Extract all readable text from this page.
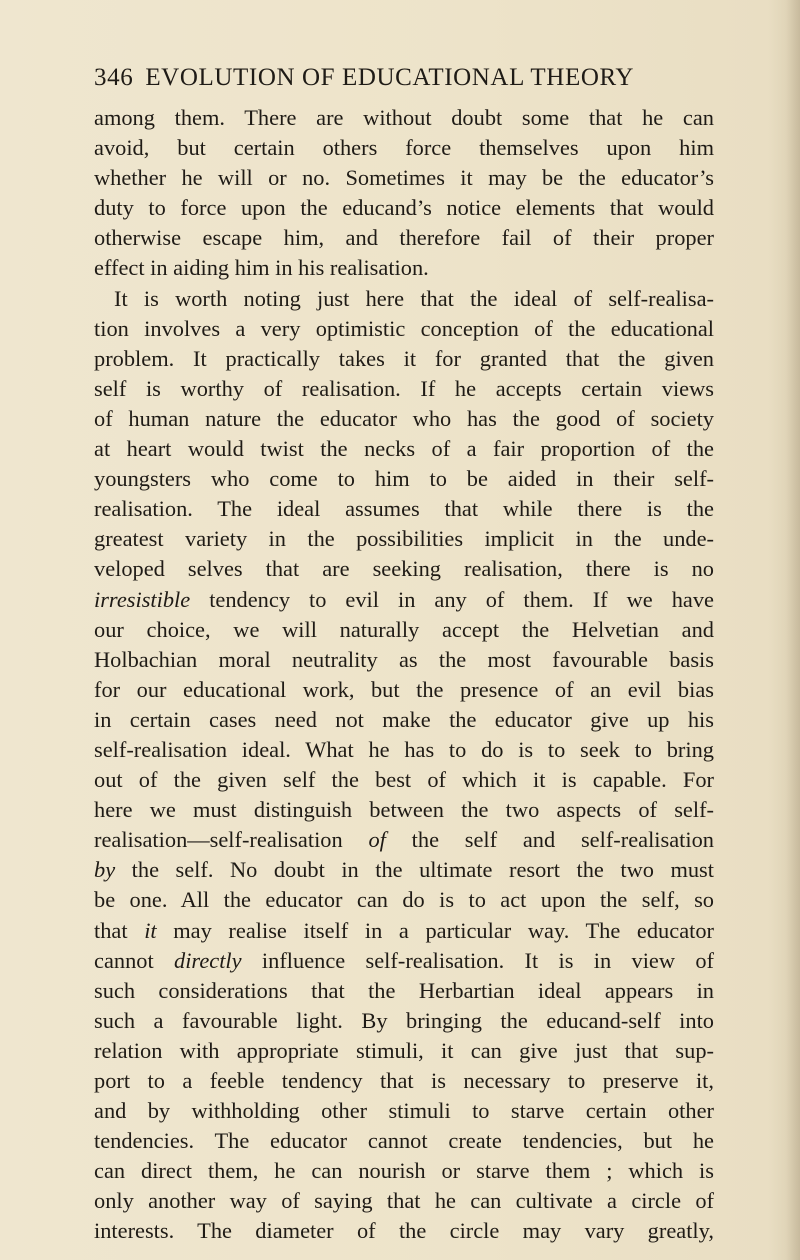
346 EVOLUTION OF EDUCATIONAL THEORY
among them. There are without doubt some that he can
avoid, but certain others force themselves upon him
whether he will or no. Sometimes it may be the educator’s
duty to force upon the educand’s notice elements that would
otherwise escape him, and therefore fail of their proper
effect in aiding him in his realisation.
It is worth noting just here that the ideal of self-realisa-
tion involves a very optimistic conception of the educational
problem. It practically takes it for granted that the given
self is worthy of realisation. If he accepts certain views
of human nature the educator who has the good of society
at heart would twist the necks of a fair proportion of the
youngsters who come to him to be aided in their self-
realisation. The ideal assumes that while there is the
greatest variety in the possibilities implicit in the unde-
veloped selves that are seeking realisation, there is no
irresistible tendency to evil in any of them. If we have
our choice, we will naturally accept the Helvetian and
Holbachian moral neutrality as the most favourable basis
for our educational work, but the presence of an evil bias
in certain cases need not make the educator give up his
self-realisation ideal. What he has to do is to seek to bring
out of the given self the best of which it is capable. For
here we must distinguish between the two aspects of self-
realisation—self-realisation of the self and self-realisation
by the self. No doubt in the ultimate resort the two must
be one. All the educator can do is to act upon the self, so
that it may realise itself in a particular way. The educator
cannot directly influence self-realisation. It is in view of
such considerations that the Herbartian ideal appears in
such a favourable light. By bringing the educand-self into
relation with appropriate stimuli, it can give just that sup-
port to a feeble tendency that is necessary to preserve it,
and by withholding other stimuli to starve certain other
tendencies. The educator cannot create tendencies, but he
can direct them, he can nourish or starve them ; which is
only another way of saying that he can cultivate a circle of
interests. The diameter of the circle may vary greatly,
